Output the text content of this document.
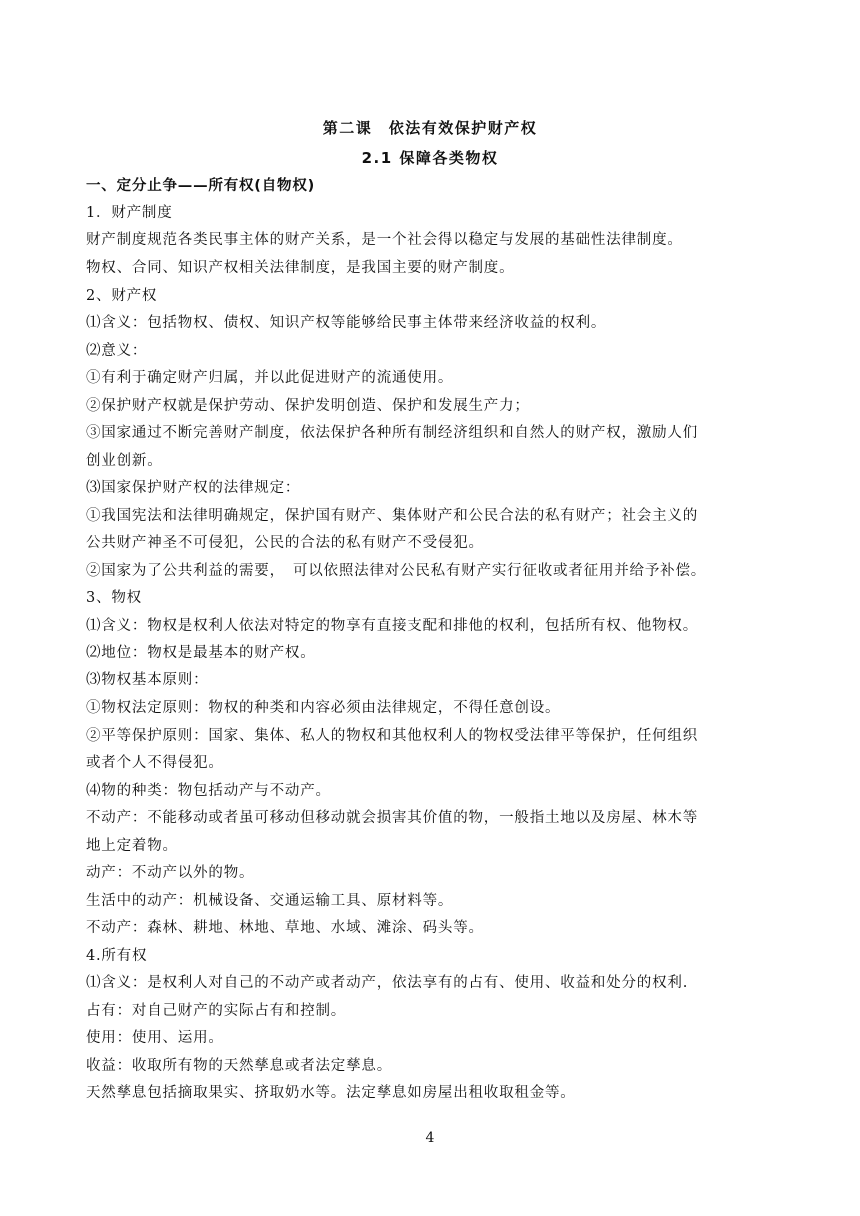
第二课　依法有效保护财产权
2.1 保障各类物权
一、定分止争——所有权(自物权)
1．财产制度
财产制度规范各类民事主体的财产关系，是一个社会得以稳定与发展的基础性法律制度。
物权、合同、知识产权相关法律制度，是我国主要的财产制度。
2、财产权
⑴含义：包括物权、债权、知识产权等能够给民事主体带来经济收益的权利。
⑵意义：
①有利于确定财产归属，并以此促进财产的流通使用。
②保护财产权就是保护劳动、保护发明创造、保护和发展生产力；
③国家通过不断完善财产制度，依法保护各种所有制经济组织和自然人的财产权，激励人们
创业创新。
⑶国家保护财产权的法律规定：
①我国宪法和法律明确规定，保护国有财产、集体财产和公民合法的私有财产；社会主义的
公共财产神圣不可侵犯，公民的合法的私有财产不受侵犯。
②国家为了公共利益的需要，　可以依照法律对公民私有财产实行征收或者征用并给予补偿。
3、物权
⑴含义：物权是权利人依法对特定的物享有直接支配和排他的权利，包括所有权、他物权。
⑵地位：物权是最基本的财产权。
⑶物权基本原则：
①物权法定原则：物权的种类和内容必须由法律规定，不得任意创设。
②平等保护原则：国家、集体、私人的物权和其他权利人的物权受法律平等保护，任何组织
或者个人不得侵犯。
⑷物的种类：物包括动产与不动产。
不动产：不能移动或者虽可移动但移动就会损害其价值的物，一般指土地以及房屋、林木等
地上定着物。
动产：不动产以外的物。
生活中的动产：机械设备、交通运输工具、原材料等。
不动产：森林、耕地、林地、草地、水域、滩涂、码头等。
4.所有权
⑴含义：是权利人对自己的不动产或者动产，依法享有的占有、使用、收益和处分的权利.
占有：对自己财产的实际占有和控制。
使用：使用、运用。
收益：收取所有物的天然孳息或者法定孳息。
天然孳息包括摘取果实、挤取奶水等。法定孳息如房屋出租收取租金等。
4
